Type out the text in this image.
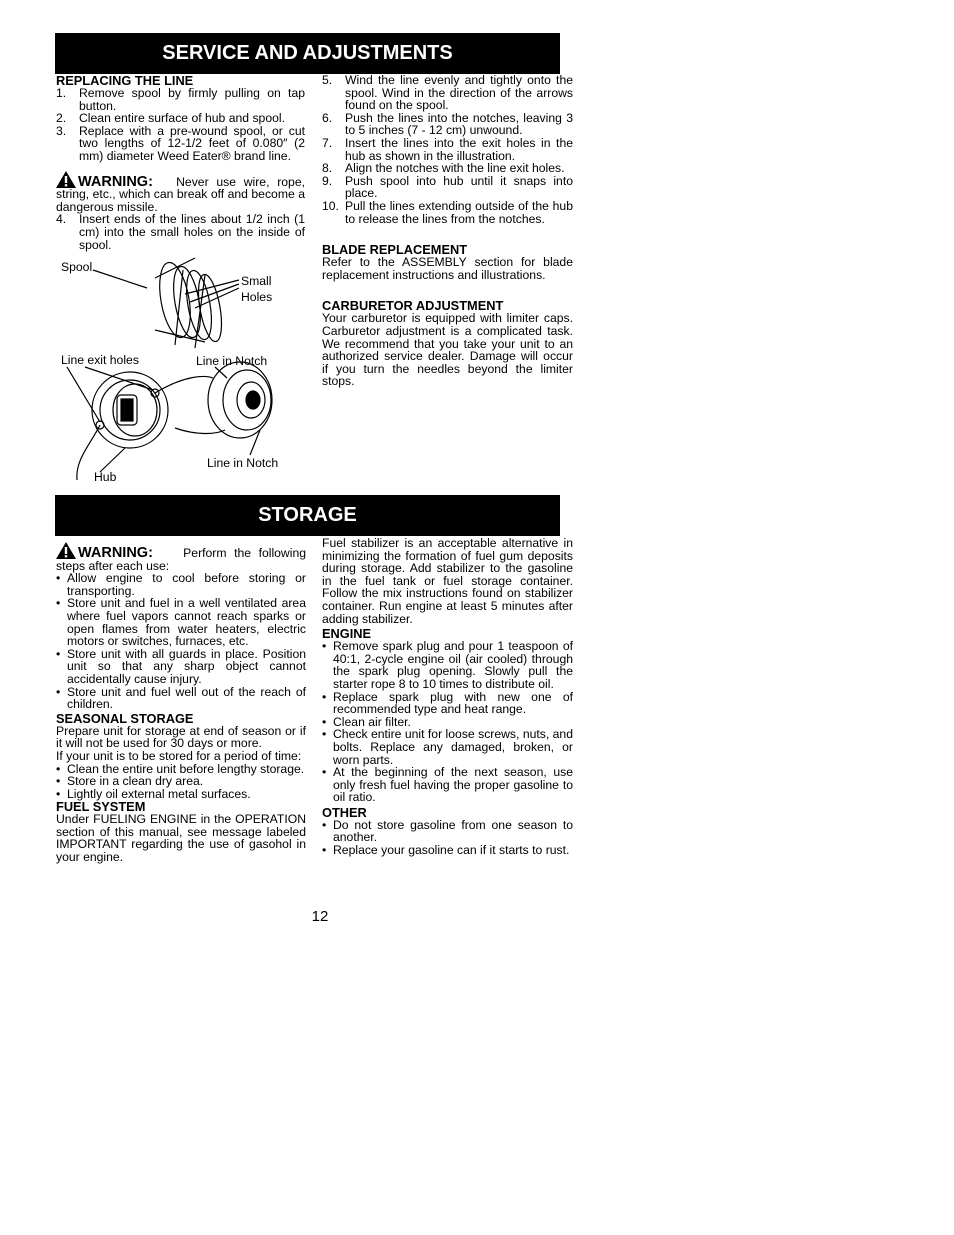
SERVICE AND ADJUSTMENTS
REPLACING THE LINE
1.	Remove spool by firmly pulling on tap button.
2.	Clean entire surface of hub and spool.
3.	Replace with a pre-wound spool, or cut two lengths of 12-1/2 feet of 0.080″ (2 mm) diameter Weed Eater® brand line.

WARNING: Never use wire, rope, string, etc., which can break off and become a dangerous missile.

4.	Insert ends of the lines about 1/2 inch (1 cm) into the small holes on the inside of spool.
Spool
Small
Holes
Line exit holes	Line in Notch
Line in Notch
Hub
5.	Wind the line evenly and tightly onto the spool. Wind in the direction of the arrows found on the spool.
6.	Push the lines into the notches, leaving 3 to 5 inches (7 - 12 cm) unwound.
7.	Insert the lines into the exit holes in the hub as shown in the illustration.
8.	Align the notches with the line exit holes.
9.	Push spool into hub until it snaps into place.
10. Pull the lines extending outside of the hub to release the lines from the notches.
BLADE REPLACEMENT

Refer to the ASSEMBLY section for blade replacement instructions and illustrations.

CARBURETOR ADJUSTMENT

Your carburetor is equipped with limiter caps. Carburetor adjustment is a complicated task. We recommend that you take your unit to an authorized service dealer. Damage will occur if you turn the needles beyond the limiter stops.

STORAGE

WARNING: Perform the following steps after each use:

• Allow engine to cool before storing or transporting.
• Store unit and fuel in a well ventilated area where fuel vapors cannot reach sparks or open flames from water heaters, electric motors or switches, furnaces, etc.
• Store unit with all guards in place. Position unit so that any sharp object cannot accidentally cause injury.
• Store unit and fuel well out of the reach of children.
SEASONAL STORAGE

Prepare unit for storage at end of season or if it will not be used for 30 days or more.

If your unit is to be stored for a period of time:

• Clean the entire unit before lengthy storage.
• Store in a clean dry area.
• Lightly oil external metal surfaces.
FUEL SYSTEM

Under FUELING ENGINE in the OPERATION section of this manual, see message labeled IMPORTANT regarding the use of gasohol in your engine.

Fuel stabilizer is an acceptable alternative in minimizing the formation of fuel gum deposits during storage. Add stabilizer to the gasoline in the fuel tank or fuel storage container. Follow the mix instructions found on stabilizer container. Run engine at least 5 minutes after adding stabilizer.

ENGINE
• Remove spark plug and pour 1 teaspoon of 40:1, 2-cycle engine oil (air cooled) through the spark plug opening. Slowly pull the starter rope 8 to 10 times to distribute oil.
• Replace spark plug with new one of recommended type and heat range.
• Clean air filter.
• Check entire unit for loose screws, nuts, and bolts. Replace any damaged, broken, or worn parts.
• At the beginning of the next season, use only fresh fuel having the proper gasoline to oil ratio.
OTHER
• Do not store gasoline from one season to another.
• Replace your gasoline can if it starts to rust.
12
